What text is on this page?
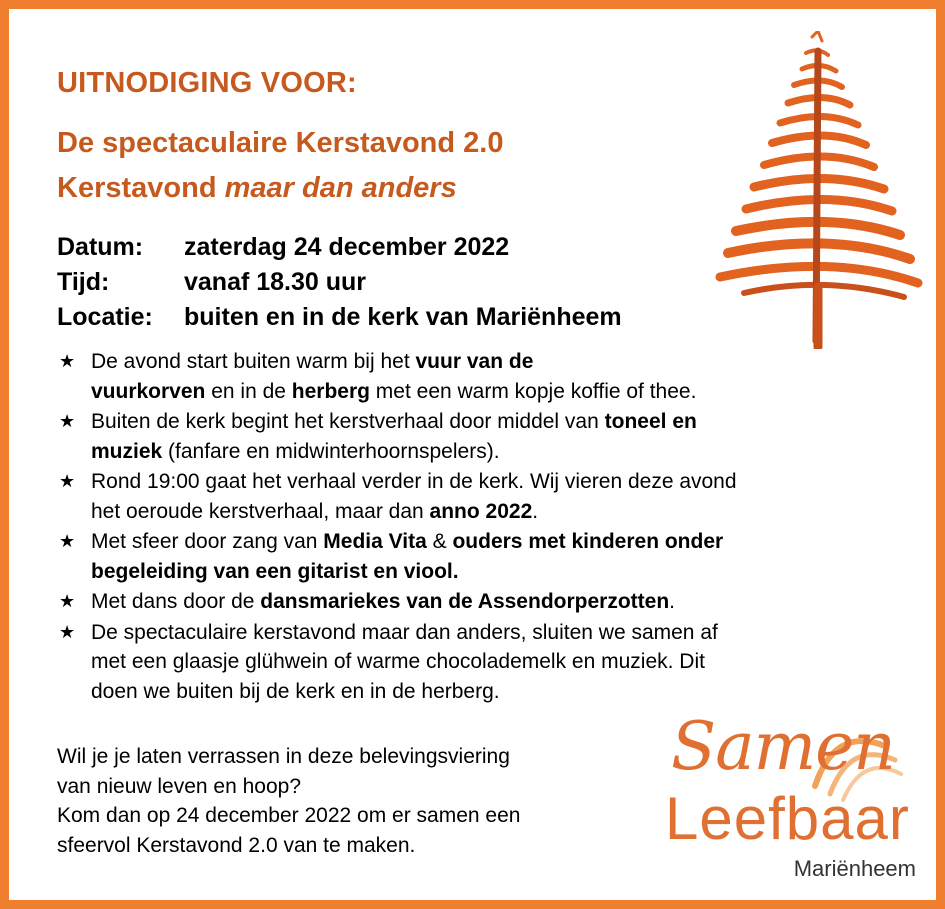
UITNODIGING VOOR:
De spectaculaire Kerstavond 2.0
Kerstavond maar dan anders
Datum: zaterdag 24 december 2022
Tijd:	vanaf 18.30 uur
Locatie: buiten en in de kerk van Mariënheem
★ De avond start buiten warm bij het vuur van de
vuurkorven en in de herberg met een warm kopje koffie of thee.
★ Buiten de kerk begint het kerstverhaal door middel van toneel en
muziek (fanfare en midwinterhoornspelers).
★ Rond 19:00 gaat het verhaal verder in de kerk. Wij vieren deze avond
het oeroude kerstverhaal, maar dan anno 2022.
★ Met sfeer door zang van Media Vita & ouders met kinderen onder
begeleiding van een gitarist en viool.
★ Met dans door de dansmariekes van de Assendorperzotten.
★ De spectaculaire kerstavond maar dan anders, sluiten we samen af
met een glaasje glühwein of warme chocolademelk en muziek. Dit
doen we buiten bij de kerk en in de herberg.
Wil je je laten verrassen in deze belevingsviering
van nieuw leven en hoop?
Kom dan op 24 december 2022 om er samen een
sfeervol Kerstavond 2.0 van te maken.
Samen
Leefbaar
Mariënheem
